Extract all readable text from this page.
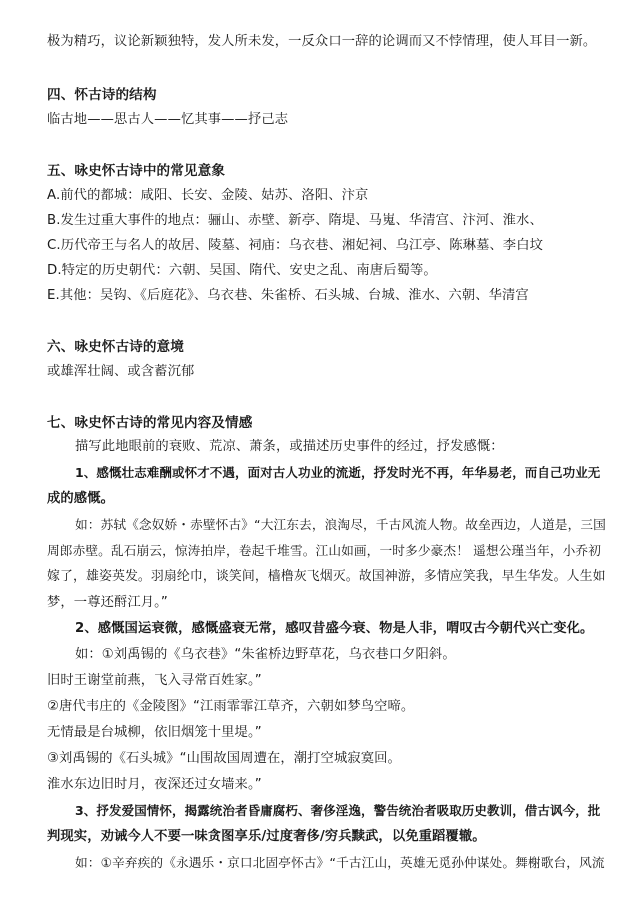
极为精巧，议论新颖独特，发人所未发，一反众口一辞的论调而又不悖情理，使人耳目一新。
四、怀古诗的结构
临古地——思古人——忆其事——抒己志
五、咏史怀古诗中的常见意象
A.前代的都城：咸阳、长安、金陵、姑苏、洛阳、汴京
B.发生过重大事件的地点：骊山、赤壁、新亭、隋堤、马嵬、华清宫、汴河、淮水、
C.历代帝王与名人的故居、陵墓、祠庙：乌衣巷、湘妃祠、乌江亭、陈琳墓、李白坟
D.特定的历史朝代：六朝、吴国、隋代、安史之乱、南唐后蜀等。
E.其他：吴钩、《后庭花》、乌衣巷、朱雀桥、石头城、台城、淮水、六朝、华清宫
六、咏史怀古诗的意境
或雄浑壮阔、或含蓄沉郁
七、咏史怀古诗的常见内容及情感
描写此地眼前的衰败、荒凉、萧条，或描述历史事件的经过，抒发感慨：
1、感慨壮志难酬或怀才不遇，面对古人功业的流逝，抒发时光不再，年华易老，而自己功业无
成的感慨。
如：苏轼《念奴娇・赤壁怀古》“大江东去，浪淘尽，千古风流人物。故垒西边，人道是，三国
周郎赤壁。乱石崩云，惊涛拍岸，卷起千堆雪。江山如画，一时多少豪杰！ 遥想公瑾当年，小乔初
嫁了，雄姿英发。羽扇纶巾，谈笑间，樯橹灰飞烟灭。故国神游，多情应笑我，早生华发。人生如
梦，一尊还酹江月。”
2、感慨国运衰微，感慨盛衰无常，感叹昔盛今衰、物是人非，喟叹古今朝代兴亡变化。
如：①刘禹锡的《乌衣巷》“朱雀桥边野草花，乌衣巷口夕阳斜。
旧时王谢堂前燕，飞入寻常百姓家。”
②唐代韦庄的《金陵图》“江雨霏霏江草齐，六朝如梦鸟空啼。
无情最是台城柳，依旧烟笼十里堤。”
③刘禹锡的《石头城》“山围故国周遭在，潮打空城寂寞回。
淮水东边旧时月，夜深还过女墙来。”
3、抒发爱国情怀，揭露统治者昏庸腐朽、奢侈淫逸，警告统治者吸取历史教训，借古讽今，批
判现实，劝诫今人不要一味贪图享乐/过度奢侈/穷兵黩武，以免重蹈覆辙。
如：①辛弃疾的《永遇乐・京口北固亭怀古》“千古江山，英雄无觅孙仲谋处。舞榭歌台，风流
